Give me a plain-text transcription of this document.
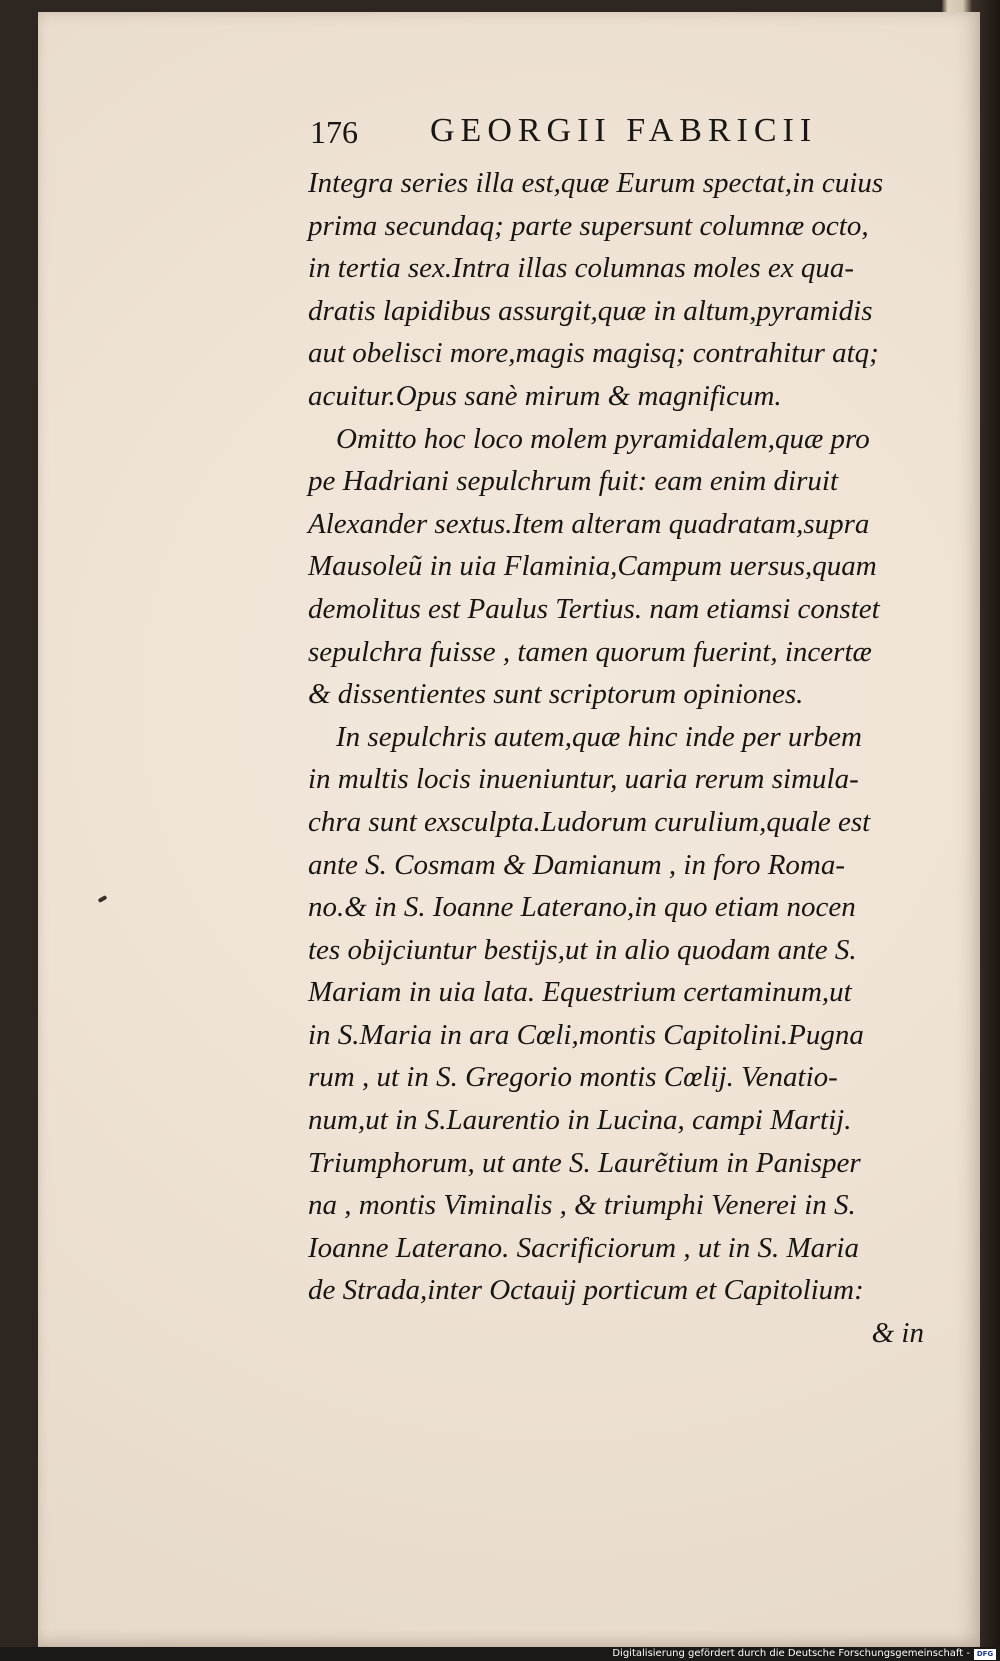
176 GEORGII FABRICII
Integra series illa est,quæ Eurum spectat,in cuius
prima secundaq; parte supersunt columnæ octo,
in tertia sex.Intra illas columnas moles ex qua-
dratis lapidibus assurgit,quæ in altum,pyramidis
aut obelisci more,magis magisq; contrahitur atq;
acuitur.Opus sanè mirum & magnificum.
Omitto hoc loco molem pyramidalem,quæ pro
pe Hadriani sepulchrum fuit: eam enim diruit
Alexander sextus.Item alteram quadratam,supra
Mausoleũ in uia Flaminia,Campum uersus,quam
demolitus est Paulus Tertius. nam etiamsi constet
sepulchra fuisse , tamen quorum fuerint, incertæ
& dissentientes sunt scriptorum opiniones.
In sepulchris autem,quæ hinc inde per urbem
in multis locis inueniuntur, uaria rerum simula-
chra sunt exsculpta.Ludorum curulium,quale est
ante S. Cosmam & Damianum , in foro Roma-
no.& in S. Ioanne Laterano,in quo etiam nocen
tes obijciuntur bestijs,ut in alio quodam ante S.
Mariam in uia lata. Equestrium certaminum,ut
in S.Maria in ara Cœli,montis Capitolini.Pugna
rum , ut in S. Gregorio montis Cœlij. Venatio-
num,ut in S.Laurentio in Lucina, campi Martij.
Triumphorum, ut ante S. Laurẽtium in Panisper
na , montis Viminalis , & triumphi Venerei in S.
Ioanne Laterano. Sacrificiorum , ut in S. Maria
de Strada,inter Octauij porticum et Capitolium:
& in
Digitalisierung gefördert durch die Deutsche Forschungsgemeinschaft - DFG
